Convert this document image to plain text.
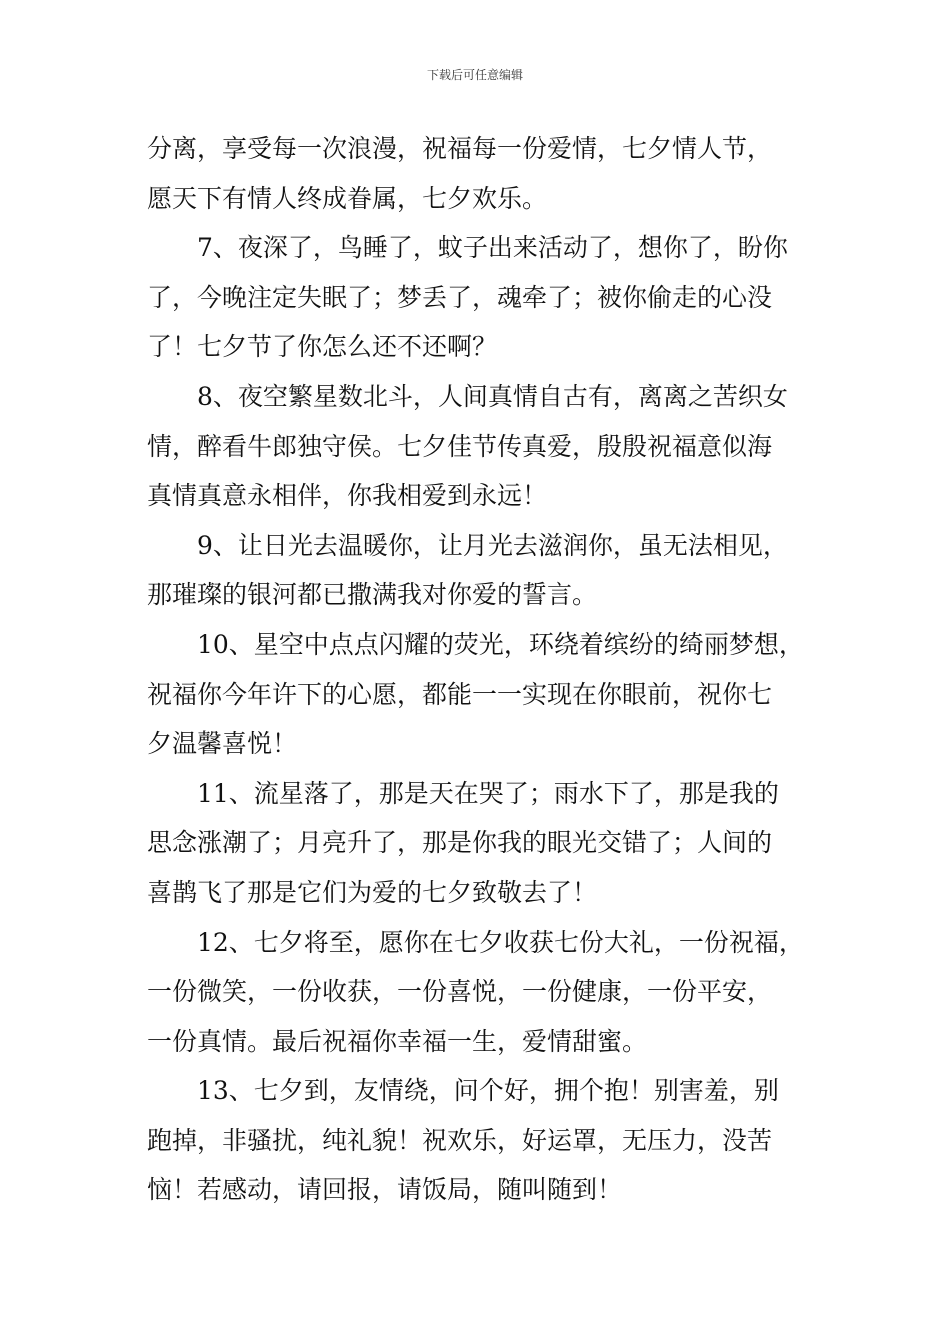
下载后可任意编辑

分离，享受每一次浪漫，祝福每一份爱情，七夕情人节，
愿天下有情人终成眷属，七夕欢乐。

7、夜深了，鸟睡了，蚊子出来活动了，想你了，盼你
了，今晚注定失眠了；梦丢了，魂牵了；被你偷走的心没
了！七夕节了你怎么还不还啊？

8、夜空繁星数北斗，人间真情自古有，离离之苦织女
情，醉看牛郎独守侯。七夕佳节传真爱，殷殷祝福意似海
真情真意永相伴，你我相爱到永远！

9、让日光去温暖你，让月光去滋润你，虽无法相见，
那璀璨的银河都已撒满我对你爱的誓言。

10、星空中点点闪耀的荧光，环绕着缤纷的绮丽梦想，
祝福你今年许下的心愿，都能一一实现在你眼前，祝你七
夕温馨喜悦！

11、流星落了，那是天在哭了；雨水下了，那是我的
思念涨潮了；月亮升了，那是你我的眼光交错了；人间的
喜鹊飞了那是它们为爱的七夕致敬去了！

12、七夕将至，愿你在七夕收获七份大礼，一份祝福，
一份微笑，一份收获，一份喜悦，一份健康，一份平安，
一份真情。最后祝福你幸福一生，爱情甜蜜。

13、七夕到，友情绕，问个好，拥个抱！别害羞，别
跑掉，非骚扰，纯礼貌！祝欢乐，好运罩，无压力，没苦
恼！若感动，请回报，请饭局，随叫随到！
